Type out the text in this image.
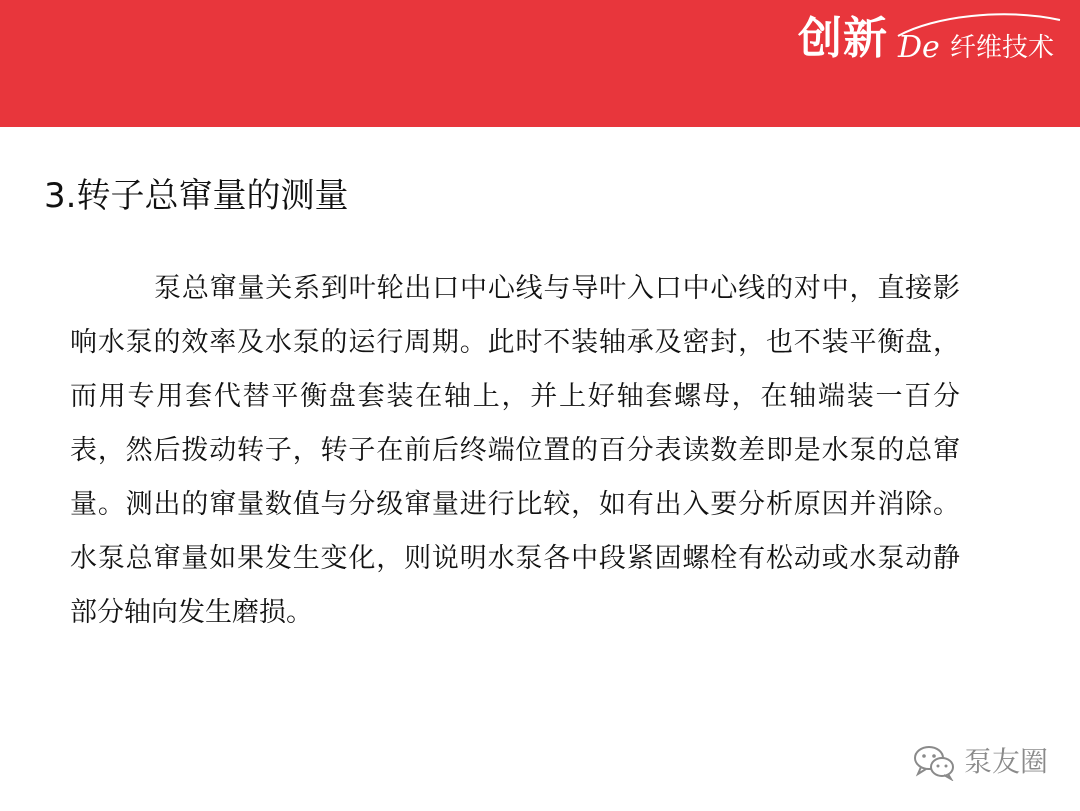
创新 De 纤维技术
3.转子总窜量的测量

泵总窜量关系到叶轮出口中心线与导叶入口中心线的对中，直接影响水泵的效率及水泵的运行周期。此时不装轴承及密封，也不装平衡盘，而用专用套代替平衡盘套装在轴上，并上好轴套螺母，在轴端装一百分表，然后拨动转子，转子在前后终端位置的百分表读数差即是水泵的总窜量。测出的窜量数值与分级窜量进行比较，如有出入要分析原因并消除。水泵总窜量如果发生变化，则说明水泵各中段紧固螺栓有松动或水泵动静部分轴向发生磨损。

泵友圈
